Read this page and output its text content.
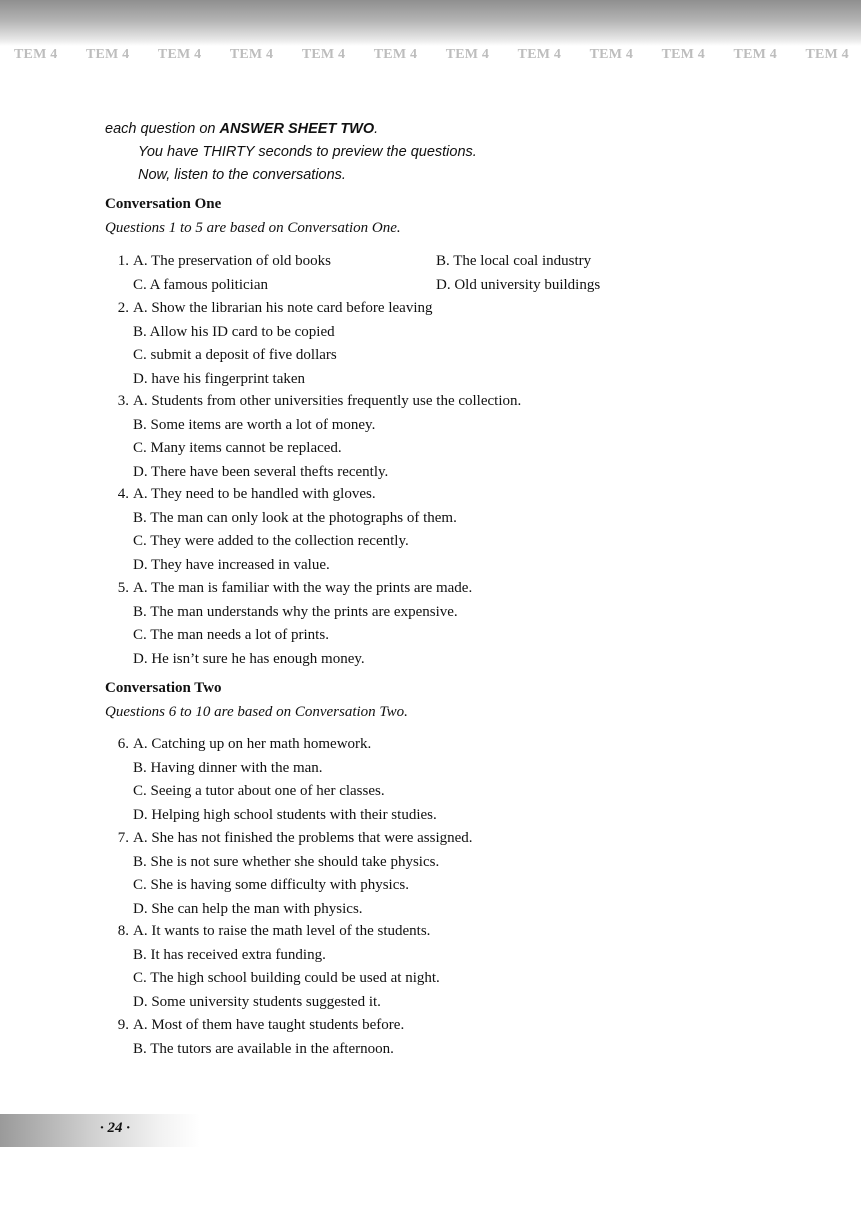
TEM 4 TEM 4 TEM 4 TEM 4 TEM 4 TEM 4 TEM 4 TEM 4 TEM 4 TEM 4 TEM 4 TEM 4
each question on ANSWER SHEET TWO.
You have THIRTY seconds to preview the questions.
Now, listen to the conversations.
Conversation One
Questions 1 to 5 are based on Conversation One.
1. A. The preservation of old books	B. The local coal industry
C. A famous politician	D. Old university buildings
2. A. Show the librarian his note card before leaving
B. Allow his ID card to be copied
C. submit a deposit of five dollars
D. have his fingerprint taken
3. A. Students from other universities frequently use the collection.
B. Some items are worth a lot of money.
C. Many items cannot be replaced.
D. There have been several thefts recently.
4. A. They need to be handled with gloves.
B. The man can only look at the photographs of them.
C. They were added to the collection recently.
D. They have increased in value.
5. A. The man is familiar with the way the prints are made.
B. The man understands why the prints are expensive.
C. The man needs a lot of prints.
D. He isn’t sure he has enough money.
Conversation Two
Questions 6 to 10 are based on Conversation Two.
6. A. Catching up on her math homework.
B. Having dinner with the man.
C. Seeing a tutor about one of her classes.
D. Helping high school students with their studies.
7. A. She has not finished the problems that were assigned.
B. She is not sure whether she should take physics.
C. She is having some difficulty with physics.
D. She can help the man with physics.
8. A. It wants to raise the math level of the students.
B. It has received extra funding.
C. The high school building could be used at night.
D. Some university students suggested it.
9. A. Most of them have taught students before.
B. The tutors are available in the afternoon.
· 24 ·
